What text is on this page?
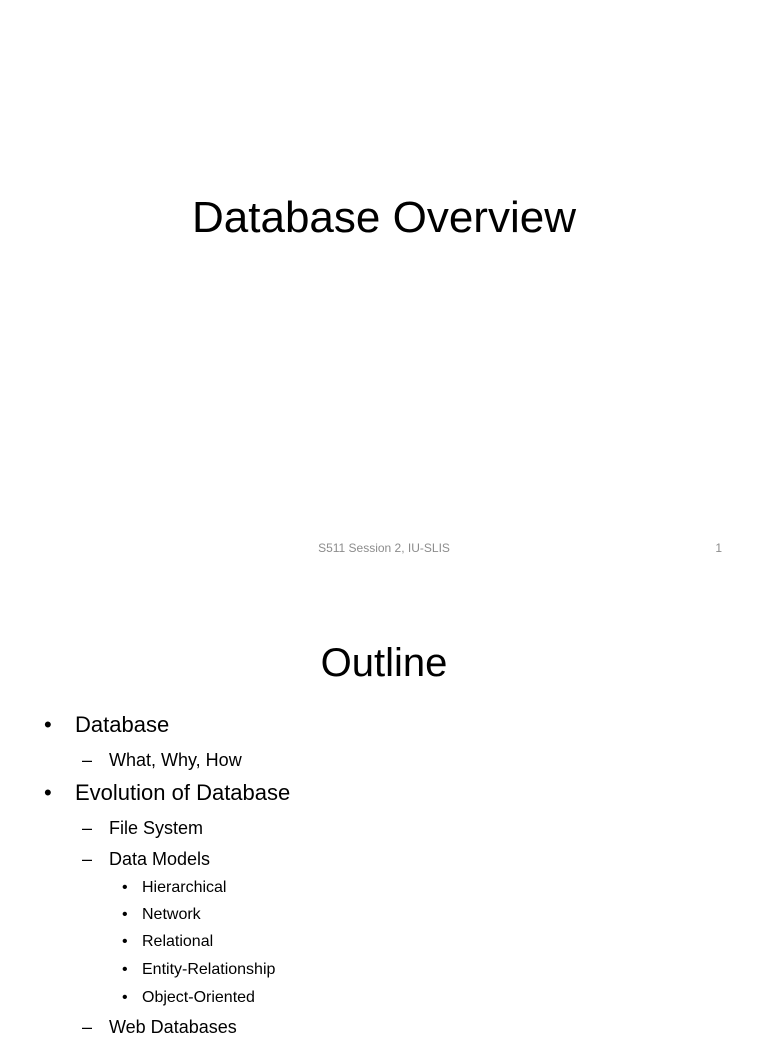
Database Overview
S511 Session 2, IU-SLIS	1
Outline
• Database
– What, Why, How
• Evolution of Database
– File System
– Data Models
• Hierarchical
• Network
• Relational
• Entity-Relationship
• Object-Oriented
– Web Databases
